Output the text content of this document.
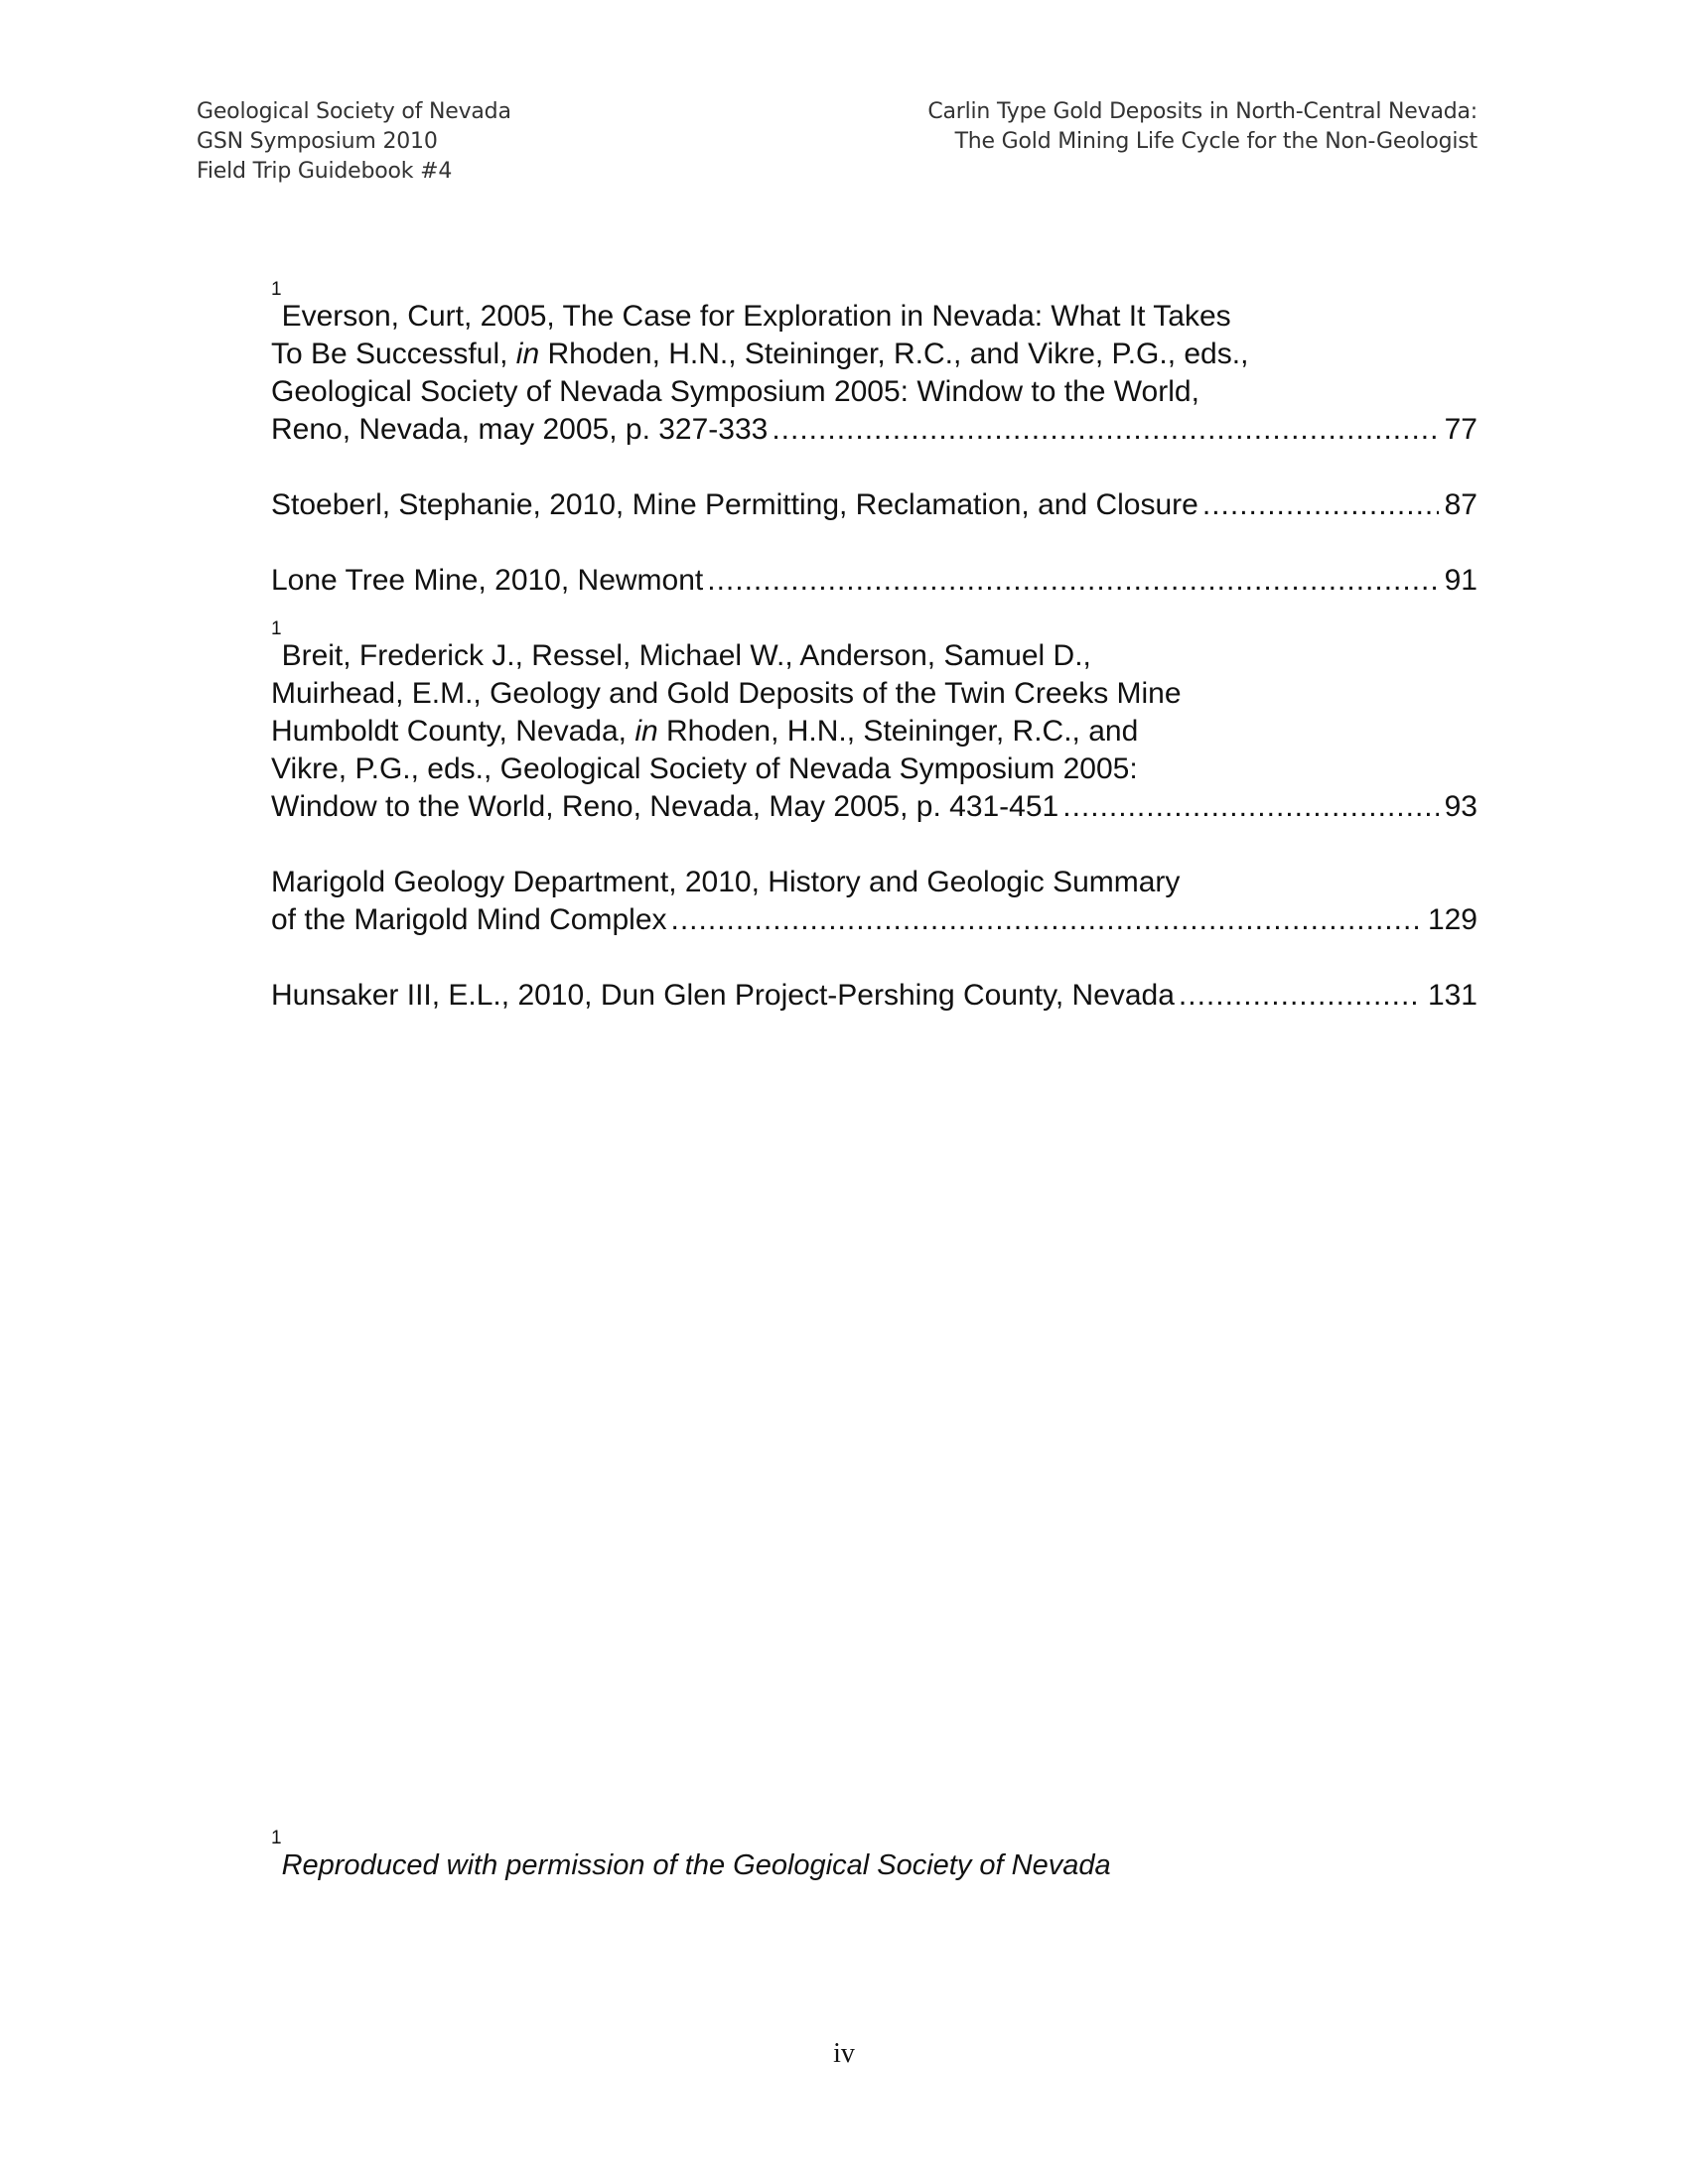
Geological Society of Nevada
GSN Symposium 2010
Field Trip Guidebook #4
Carlin Type Gold Deposits in North-Central Nevada:
The Gold Mining Life Cycle for the Non-Geologist
$^1$Everson, Curt, 2005, The Case for Exploration in Nevada: What It Takes
To Be Successful, in Rhoden, H.N., Steininger, R.C., and Vikre, P.G., eds.,
Geological Society of Nevada Symposium 2005: Window to the World,
Reno, Nevada, may 2005, p. 327-333 .....	77
Stoeberl, Stephanie, 2010, Mine Permitting, Reclamation, and Closure .....	87
Lone Tree Mine, 2010, Newmont .....	91
$^1$Breit, Frederick J., Ressel, Michael W., Anderson, Samuel D.,
Muirhead, E.M., Geology and Gold Deposits of the Twin Creeks Mine
Humboldt County, Nevada, in Rhoden, H.N., Steininger, R.C., and
Vikre, P.G., eds., Geological Society of Nevada Symposium 2005:
Window to the World, Reno, Nevada, May 2005, p. 431-451 .....	93
Marigold Geology Department, 2010, History and Geologic Summary
of the Marigold Mind Complex .....	129
Hunsaker III, E.L., 2010, Dun Glen Project-Pershing County, Nevada .....	131
$^1$Reproduced with permission of the Geological Society of Nevada
iv
